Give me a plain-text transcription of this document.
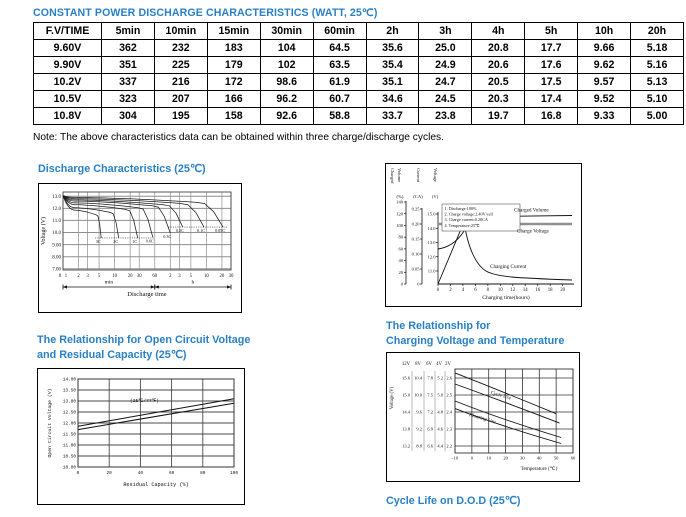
CONSTANT POWER DISCHARGE CHARACTERISTICS (WATT, 25℃)
F.V/TIME	5min	10min	15min	30min	60min	2h	3h	4h	5h	10h	20h
9.60V	362	232	183	104	64.5	35.6	25.0	20.8	17.7	9.66	5.18
9.90V	351	225	179	102	63.5	35.4	24.9	20.6	17.6	9.62	5.16
10.2V	337	216	172	98.6	61.9	35.1	24.7	20.5	17.5	9.57	5.13
10.5V	323	207	166	96.2	60.7	34.6	24.5	20.3	17.4	9.52	5.10
10.8V	304	195	158	92.6	58.8	33.7	23.8	19.7	16.8	9.33	5.00
Note: The above characteristics data can be obtained within three charge/discharge cycles.
Discharge Characteristics (25℃)
3C	2C	1C 0.6C
0.3C
0.2C	0.1C 0.05C
13.0
12.0
11.0
10.0
9.00
8.00
7.00
Voltage (V)
0 1 2 3 5 10 20 30 60 2 3 5 10 20 30
min	h
Discharge time
Charged Volume	Current	Voltage
(%) (CA) (V)
0
20
40
60
80
100
120
140
0
0.05
0.10
0.15
0.20
0.25
11.0
12.0
13.0
14.0
15.0
0 2 4 6 8 10 12 14 16 18 20
Charging time(hours)
1. Discharge:100%
2. Charge voltage:2.40V/cell
3. Charge current:0.20CA
4. Temperature:25℃
Charged Volume
Charge Voltage
Charging Current
The Relationship for Open Circuit Voltage
and Residual Capacity (25℃)
14.00
13.50
13.00
12.50
12.00
11.50
11.00
10.50
10.00
0	20	40	60	80	100
Open Circuit Voltage (V)
Residual Capacity (%)
(25℃/77℉)
The Relationship for
Charging Voltage and Temperature
12V 8V 6V 4V 2V
Voltage (V)
15.6
15.0
14.4
13.8
13.2
10.4
10.0
9.6
9.2
8.8
7.8
7.5
7.2
6.9
6.6
5.2
5.0
4.8
4.6
4.4
2.6
2.5
2.4
2.3
2.2
-10	0	10	20	30	40	50	60
Temperature (℃)
Cycle Use
Floating Use
Cycle Life on D.O.D (25℃)
